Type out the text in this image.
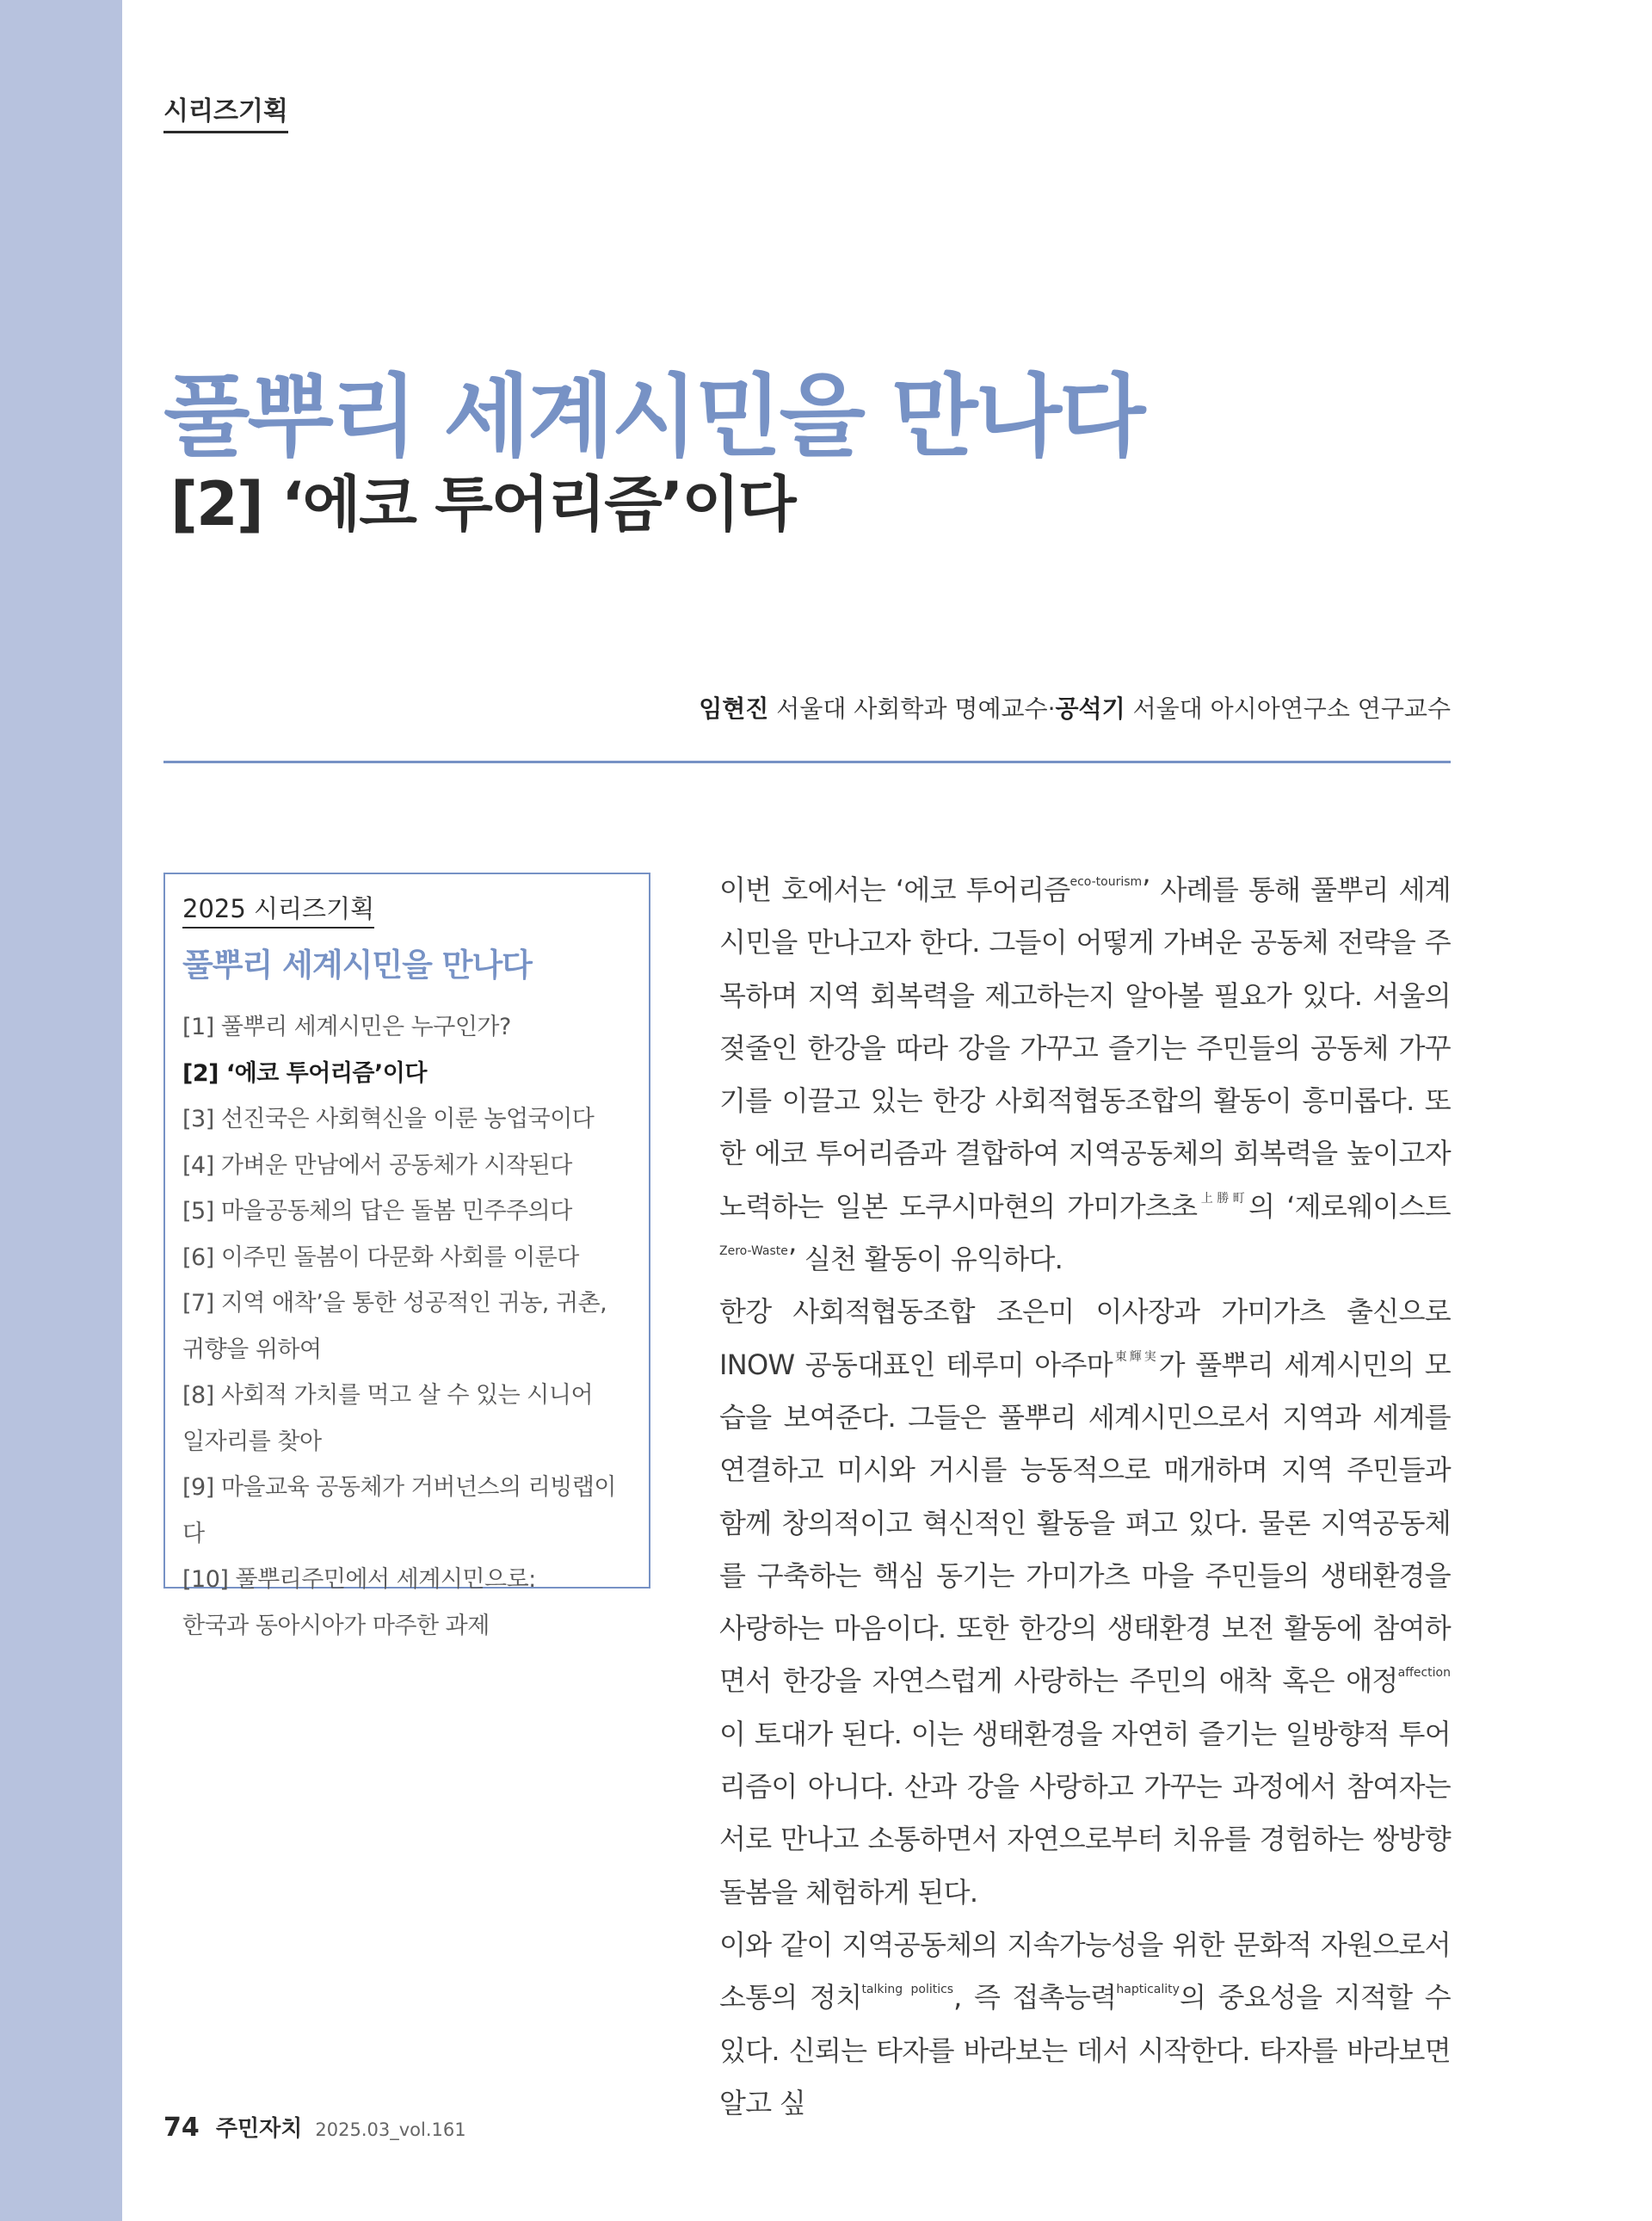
시리즈기획
풀뿌리 세계시민을 만나다
[2] ‘에코 투어리즘’이다
임현진 서울대 사회학과 명예교수·공석기 서울대 아시아연구소 연구교수
2025 시리즈기획
풀뿌리 세계시민을 만나다
[1] 풀뿌리 세계시민은 누구인가?
[2] ‘에코 투어리즘’이다
[3] 선진국은 사회혁신을 이룬 농업국이다
[4] 가벼운 만남에서 공동체가 시작된다
[5] 마을공동체의 답은 돌봄 민주주의다
[6] 이주민 돌봄이 다문화 사회를 이룬다
[7] 지역 애착’을 통한 성공적인 귀농, 귀촌,
귀향을 위하여
[8] 사회적 가치를 먹고 살 수 있는 시니어
일자리를 찾아
[9] 마을교육 공동체가 거버넌스의 리빙랩이다
[10] 풀뿌리주민에서 세계시민으로:
한국과 동아시아가 마주한 과제

이번 호에서는 ‘에코 투어리즘$^{eco-tourism}$’ 사례를 통해 풀뿌리 세계시민을 만나고자 한다. 그들이 어떻게 가벼운 공동체 전략을 주목하며 지역 회복력을 제고하는지 알아볼 필요가 있다. 서울의 젖줄인 한강을 따라 강을 가꾸고 즐기는 주민들의 공동체 가꾸기를 이끌고 있는 한강 사회적협동조합의 활동이 흥미롭다. 또한 에코 투어리즘과 결합하여 지역공동체의 회복력을 높이고자 노력하는 일본 도쿠시마현의 가미가츠초$^{上勝町}$의 ‘제로웨이스트$^{Zero-Waste}$’ 실천 활동이 유익하다.

한강 사회적협동조합 조은미 이사장과 가미가츠 출신으로 INOW 공동대표인 테루미 아주마$^{東輝実}$가 풀뿌리 세계시민의 모습을 보여준다. 그들은 풀뿌리 세계시민으로서 지역과 세계를 연결하고 미시와 거시를 능동적으로 매개하며 지역 주민들과 함께 창의적이고 혁신적인 활동을 펴고 있다. 물론 지역공동체를 구축하는 핵심 동기는 가미가츠 마을 주민들의 생태환경을 사랑하는 마음이다. 또한 한강의 생태환경 보전 활동에 참여하면서 한강을 자연스럽게 사랑하는 주민의 애착 혹은 애정$^{affection}$이 토대가 된다. 이는 생태환경을 자연히 즐기는 일방향적 투어리즘이 아니다. 산과 강을 사랑하고 가꾸는 과정에서 참여자는 서로 만나고 소통하면서 자연으로부터 치유를 경험하는 쌍방향 돌봄을 체험하게 된다.

이와 같이 지역공동체의 지속가능성을 위한 문화적 자원으로서 소통의 정치$^{talking politics}$, 즉 접촉능력$^{hapticality}$의 중요성을 지적할 수 있다. 신뢰는 타자를 바라보는 데서 시작한다. 타자를 바라보면 알고 싶

74 주민자치 2025.03_vol.161
